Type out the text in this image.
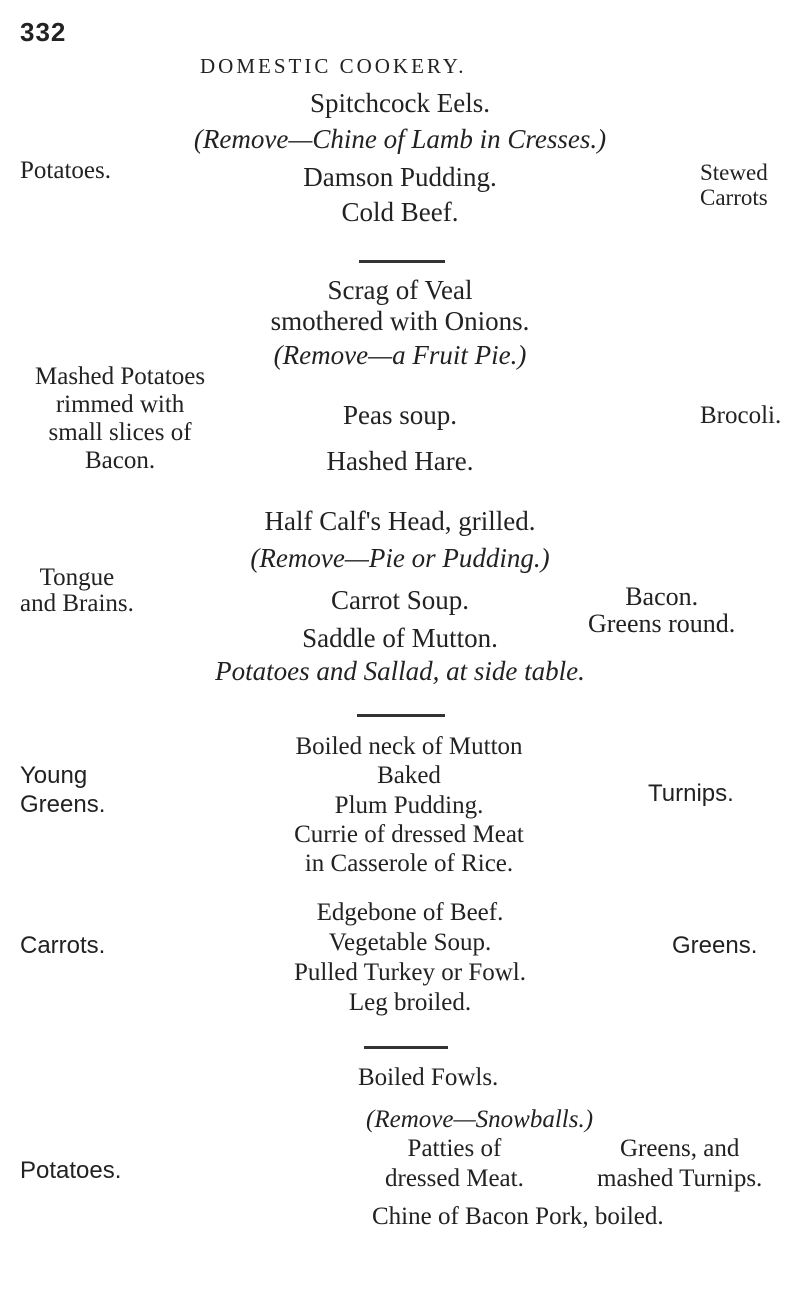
332
DOMESTIC COOKERY.
Spitchcock Eels.
(Remove—Chine of Lamb in Cresses.)
Potatoes.	Damson Pudding.
Cold Beef.
Stewed
Carrots
Scrag of Veal
smothered with Onions.
(Remove—a Fruit Pie.)
Mashed Potatoes
rimmed with
small slices of
Bacon.
Peas soup.
Hashed Hare.
Brocoli.
Half Calf's Head, grilled.
(Remove—Pie or Pudding.)
Tongue
and Brains.	Carrot Soup.
Saddle of Mutton.
Bacon.
Greens round.
Potatoes and Sallad, at side table.
Young
Greens.
Boiled neck of Mutton
Baked
Plum Pudding.
Currie of dressed Meat
in Casserole of Rice.
Turnips.
Carrots.
Edgebone of Beef.
Vegetable Soup.
Pulled Turkey or Fowl.
Leg broiled.
Greens.
Boiled Fowls.
(Remove—Snowballs.)
Potatoes.
Patties of
dressed Meat.
Greens, and
mashed Turnips.
Chine of Bacon Pork, boiled.
